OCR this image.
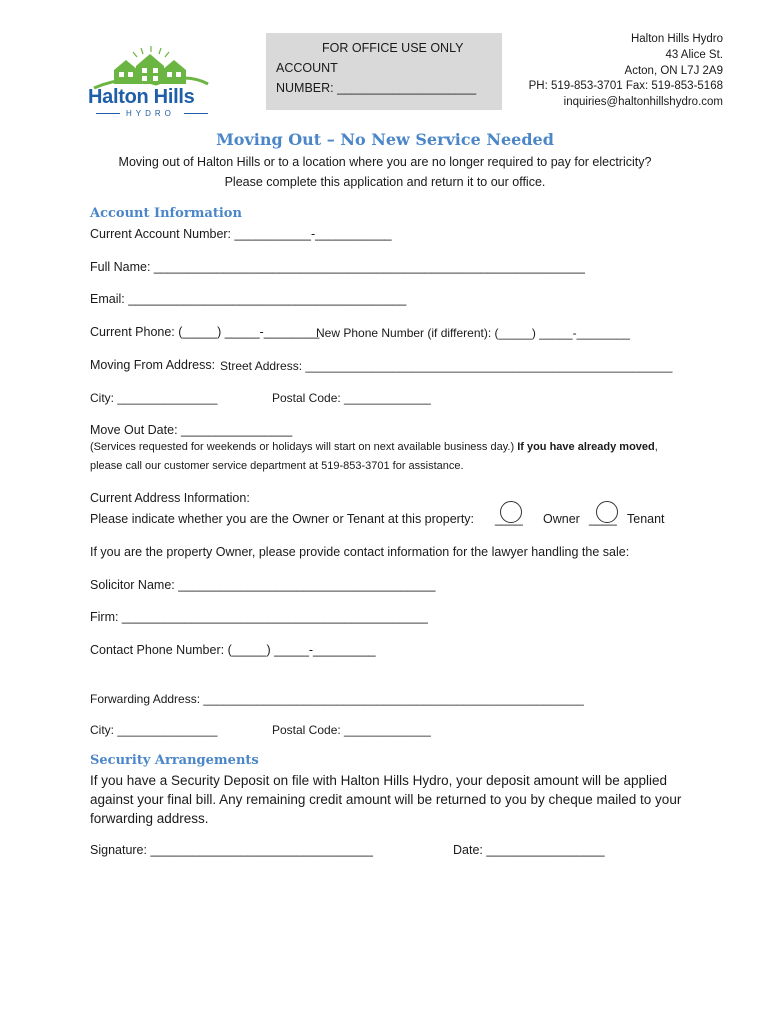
Halton Hills
HYDRO
FOR OFFICE USE ONLY
ACCOUNT
NUMBER: ____________________
Halton Hills Hydro
43 Alice St.
Acton, ON L7J 2A9
PH: 519-853-3701 Fax: 519-853-5168
inquiries@haltonhillshydro.com
Moving Out – No New Service Needed
Moving out of Halton Hills or to a location where you are no longer required to pay for electricity?
Please complete this application and return it to our office.
Account Information
Current Account Number: ___________-___________
Full Name: ______________________________________________________________
Email: ________________________________________
Current Phone: (_____) _____-________
New Phone Number (if different): (_____) _____-________
Moving From Address: Street Address: _______________________________________________________
City: _______________	Postal Code: _____________
Move Out Date: ________________
(Services requested for weekends or holidays will start on next available business day.) If you have already moved,
please call our customer service department at 519-853-3701 for assistance.
Current Address Information:
Please indicate whether you are the Owner or Tenant at this property: ____ Owner ____ Tenant
If you are the property Owner, please provide contact information for the lawyer handling the sale:
Solicitor Name: _____________________________________
Firm: ____________________________________________
Contact Phone Number: (_____) _____-_________
Forwarding Address: _________________________________________________________
City: _______________	Postal Code: _____________
Security Arrangements
If you have a Security Deposit on file with Halton Hills Hydro, your deposit amount will be applied against your final bill. Any remaining credit amount will be returned to you by cheque mailed to your forwarding address.
Signature: ________________________________	Date: _________________
